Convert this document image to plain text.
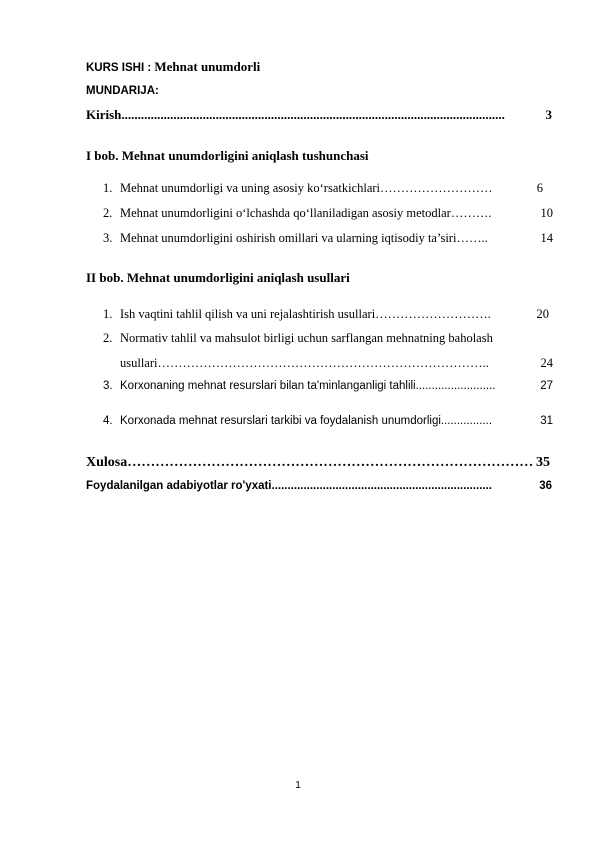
KURS ISHI : Mehnat unumdorli
MUNDARIJA:
Kirish ......................................................................................................................	3
I bob. Mehnat unumdorligini aniqlash tushunchasi
1. Mehnat unumdorligi va uning asosiy ko‘rsatkichlari ………………………	6
2. Mehnat unumdorligini o‘lchashda qo‘llaniladigan asosiy metodlar ……….	10
3. Mehnat unumdorligini oshirish omillari va ularning iqtisodiy ta’siri ……..	14
II bob. Mehnat unumdorligini aniqlash usullari
1. Ish vaqtini tahlil qilish va uni rejalashtirish usullari ……………………….	20
2. Normativ tahlil va mahsulot birligi uchun sarflangan mehnatning baholash
usullari ……………………………………………………………………..	24
3. Korxonaning mehnat resurslari bilan ta'minlanganligi tahlili .........................	27
4. Korxonada mehnat resurslari tarkibi va foydalanish unumdorligi ................	31
Xulosa …………………………………………………………………………… 35
Foydalanilgan adabiyotlar ro'yxati .....................................................................	36
1
